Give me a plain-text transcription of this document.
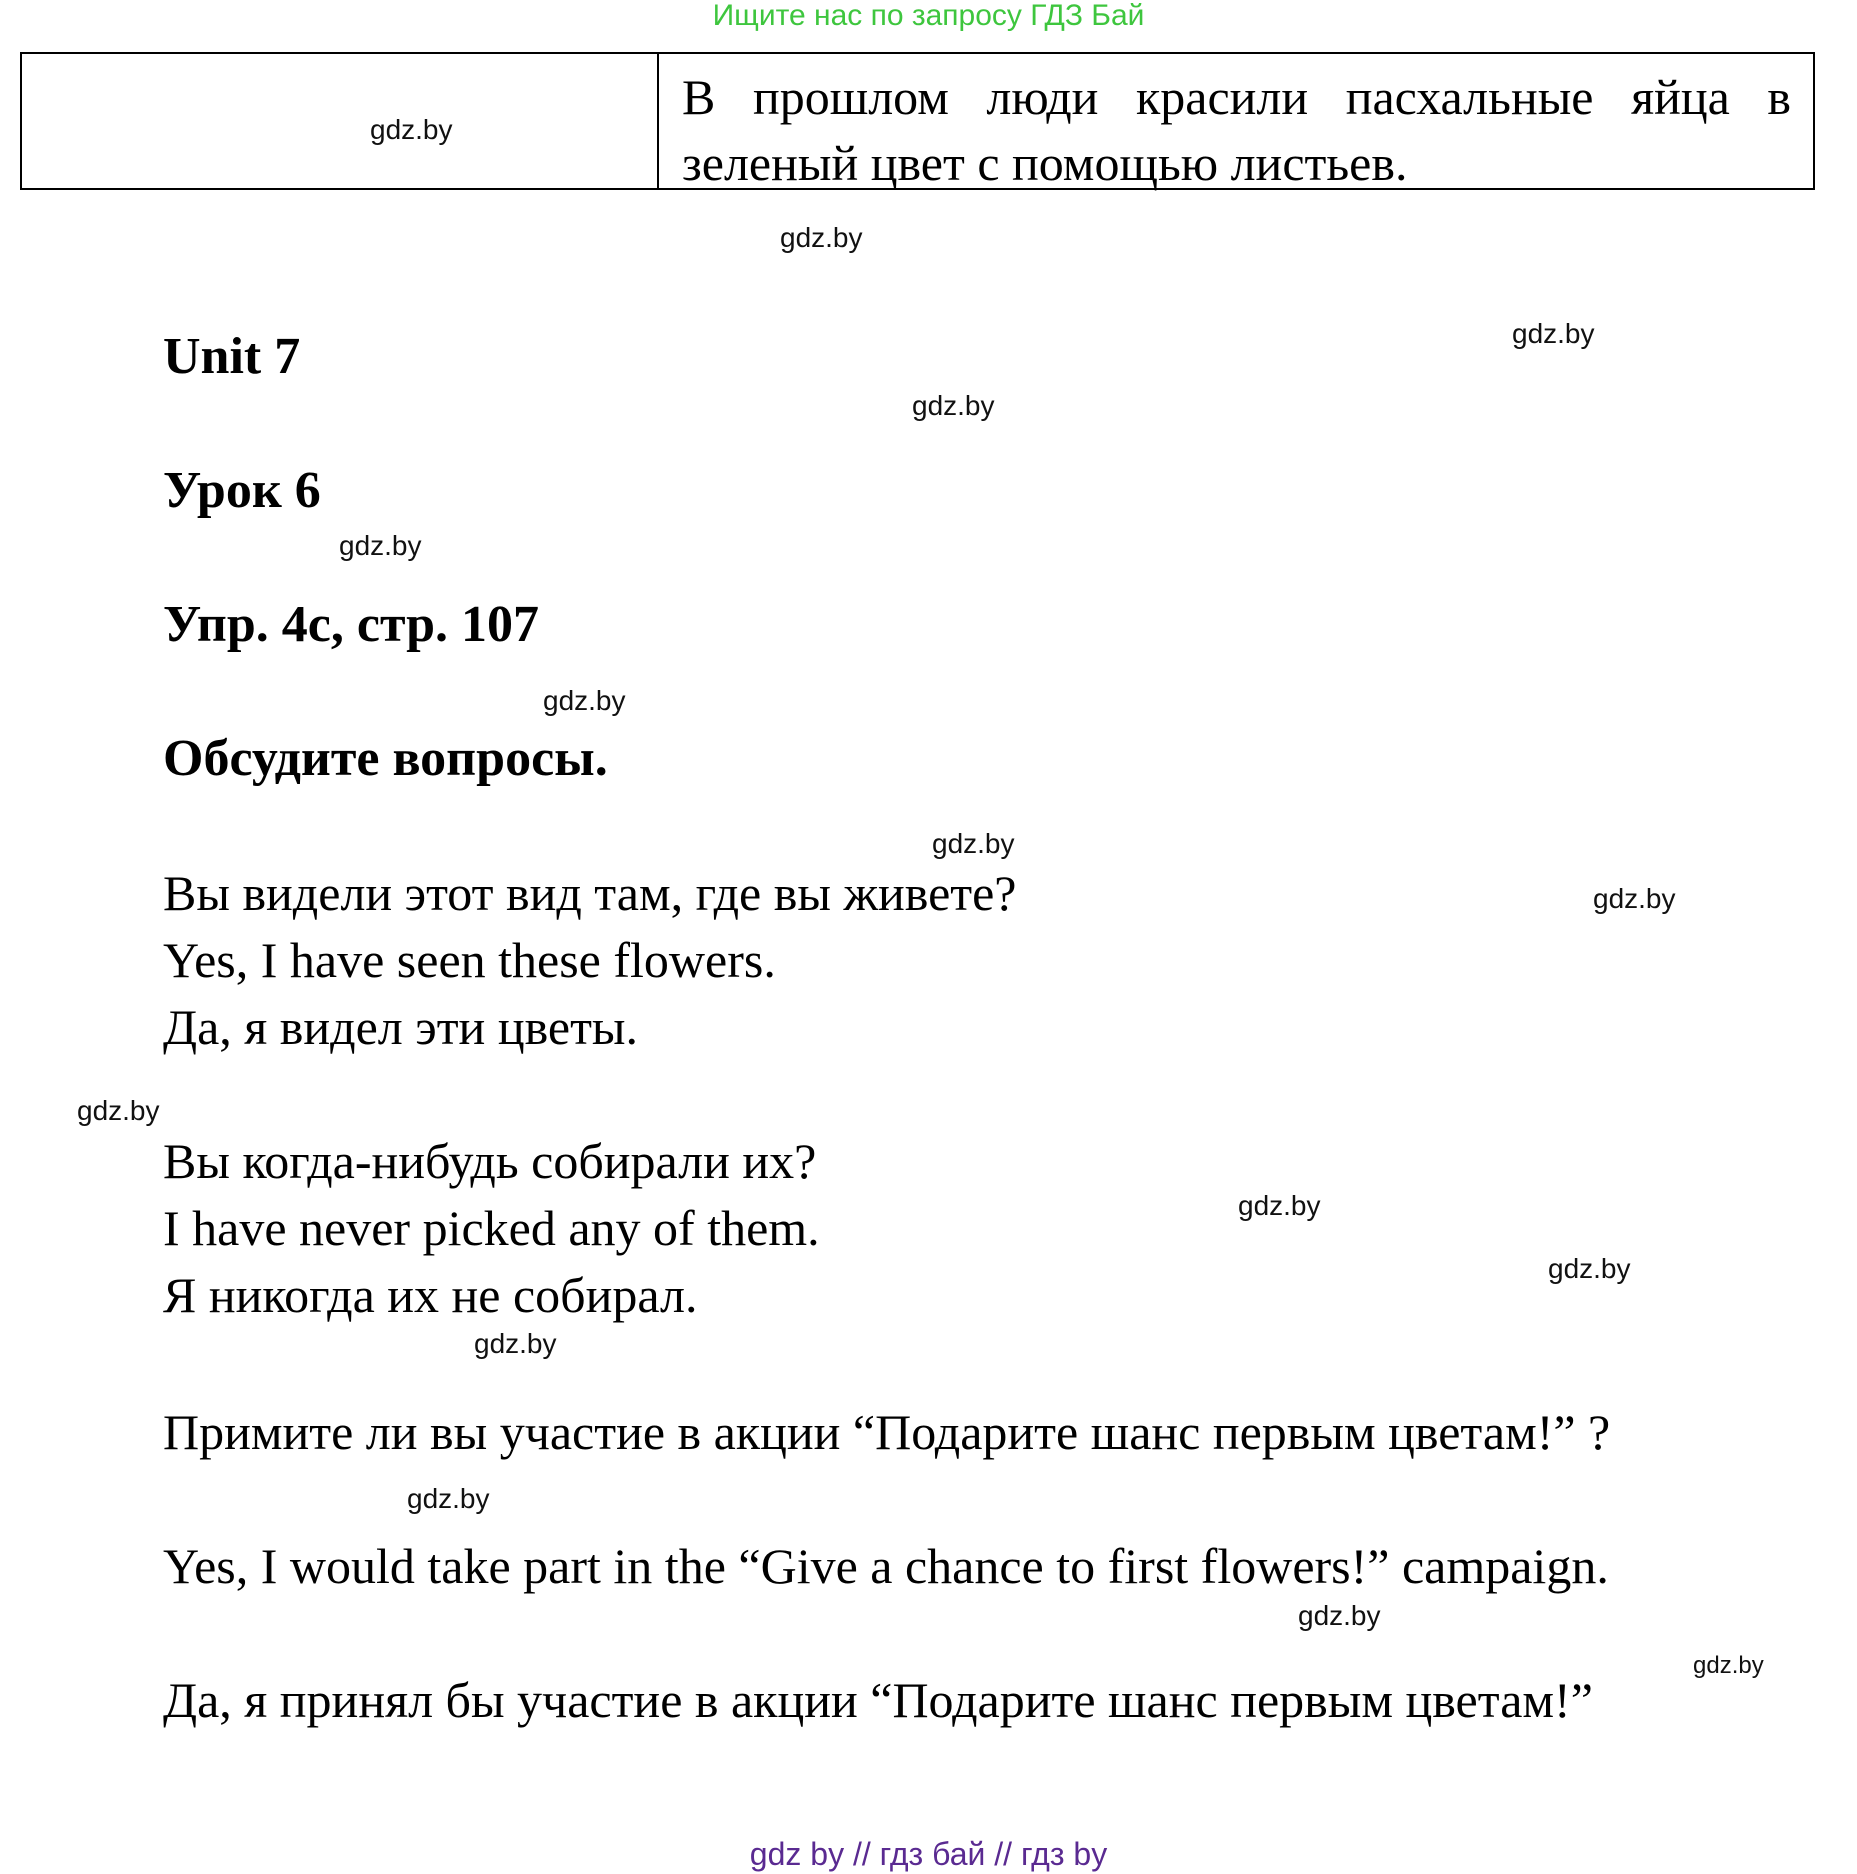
Ищите нас по запросу ГДЗ Бай
gdz.by
В прошлом люди красили пасхальные яйца в зеленый цвет с помощью листьев.
gdz.by
gdz.by
gdz.by
gdz.by
gdz.by
gdz.by
gdz.by
gdz.by
gdz.by
gdz.by
gdz.by
gdz.by
gdz.by
gdz.by
Unit 7
Урок 6
Упр. 4c, стр. 107
Обсудите вопросы.
Вы видели этот вид там, где вы живете?
Yes, I have seen these flowers.
Да, я видел эти цветы.
Вы когда-нибудь собирали их?
I have never picked any of them.
Я никогда их не собирал.
Примите ли вы участие в акции “Подарите шанс первым цветам!” ?
Yes, I would take part in the “Give a chance to first flowers!” campaign.
Да, я принял бы участие в акции “Подарите шанс первым цветам!”
gdz by // гдз бай // гдз by
